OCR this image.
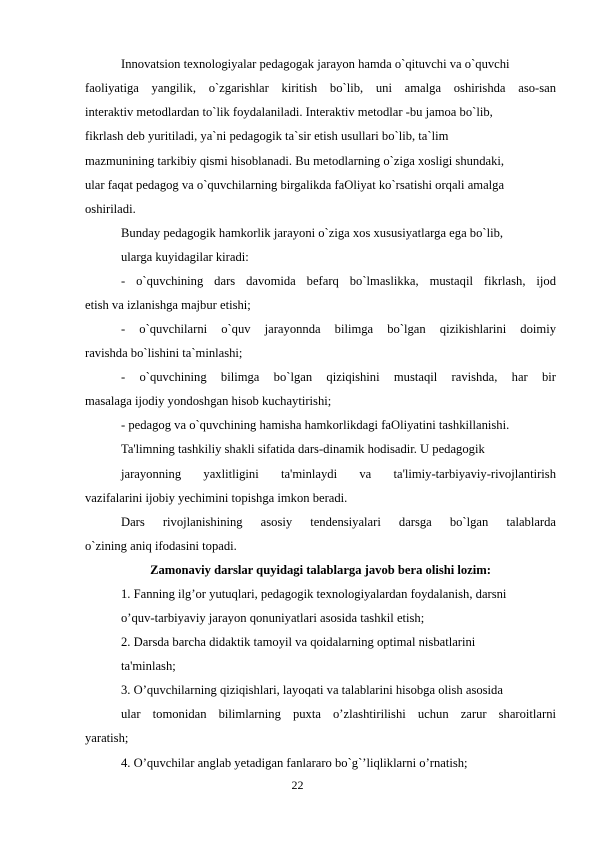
Innovatsion texnologiyalar pedagogak jarayon hamda o`qituvchi va o`quvchi
faoliyatiga yangilik, o`zgarishlar kiritish bo`lib, uni amalga oshirishda aso-san
interaktiv metodlardan to`lik foydalaniladi. Interaktiv metodlar -bu jamoa bo`lib,
fikrlash deb yuritiladi, ya`ni pedagogik ta`sir etish usullari bo`lib, ta`lim
mazmunining tarkibiy qismi hisoblanadi. Bu metodlarning o`ziga xosligi shundaki,
ular faqat pedagog va o`quvchilarning birgalikda faOliyat ko`rsatishi orqali amalga
oshiriladi.
Bunday pedagogik hamkorlik jarayoni o`ziga xos xususiyatlarga ega bo`lib,
ularga kuyidagilar kiradi:
- o`quvchining dars davomida befarq bo`lmaslikka, mustaqil fikrlash, ijod
etish va izlanishga majbur etishi;
- o`quvchilarni o`quv jarayonnda bilimga bo`lgan qizikishlarini doimiy
ravishda bo`lishini ta`minlashi;
- o`quvchining bilimga bo`lgan qiziqishini mustaqil ravishda, har bir
masalaga ijodiy yondoshgan hisob kuchaytirishi;
- pedagog va o`quvchining hamisha hamkorlikdagi faOliyatini tashkillanishi.
Ta'limning tashkiliy shakli sifatida dars-dinamik hodisadir. U pedagogik
jarayonning yaxlitligini ta'minlaydi va ta'limiy-tarbiyaviy-rivojlantirish
vazifalarini ijobiy yechimini topishga imkon beradi.
Dars rivojlanishining asosiy tendensiyalari darsga bo`lgan talablarda
o`zining aniq ifodasini topadi.
Zamonaviy darslar quyidagi talablarga javob bera olishi lozim:
1. Fanning ilg’or yutuqlari, pedagogik texnologiyalardan foydalanish, darsni
o’quv-tarbiyaviy jarayon qonuniyatlari asosida tashkil etish;
2. Darsda barcha didaktik tamoyil va qoidalarning optimal nisbatlarini
ta'minlash;
3. O’quvchilarning qiziqishlari, layoqati va talablarini hisobga olish asosida
ular tomonidan bilimlarning puxta o’zlashtirilishi uchun zarur sharoitlarni
yaratish;
4. O’quvchilar anglab yetadigan fanlararo bo`g`’liqliklarni o’rnatish;
22
